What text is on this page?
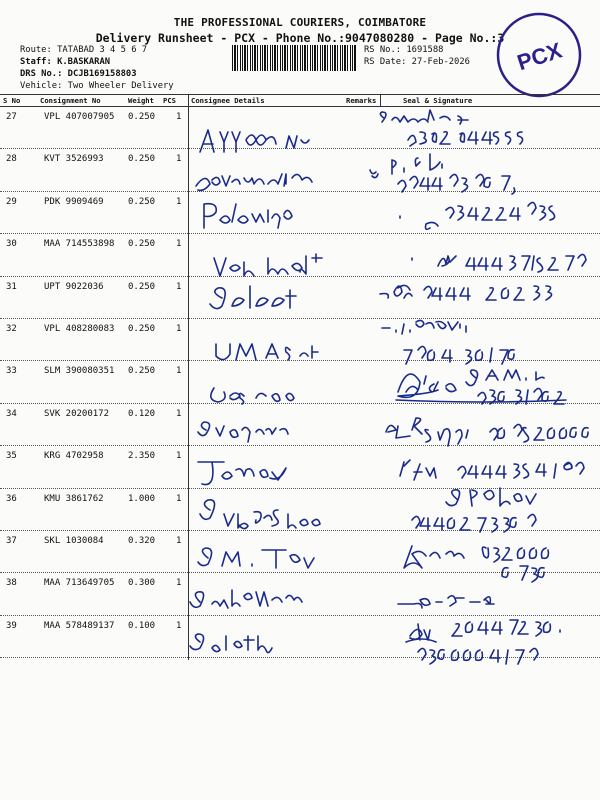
THE PROFESSIONAL COURIERS, COIMBATORE
Delivery Runsheet - PCX - Phone No.:9047080280 - Page No.:3
Route: TATABAD 3 4 5 6 7
Staff: K.BASKARAN
DRS No.: DCJB169158803
Vehicle: Two Wheeler Delivery
RS No.: 1691588
RS Date: 27-Feb-2026 PCX
S No	Consignment No	Weight PCS Consignee Details	Remarks	Seal & Signature
27	VPL 407007905 0.250 1
28	KVT 3526993	0.250 1
29	PDK 9909469	0.250 1
30	MAA 714553898 0.250 1
31	UPT 9022036	0.250 1
32	VPL 408280083 0.250 1
33	SLM 390080351 0.250 1
34	SVK 20200172 0.120 1
35	KRG 4702958	2.350 1
36	KMU 3861762	1.000 1
37	SKL 1030084	0.320 1
38	MAA 713649705 0.300 1
39	MAA 578489137 0.100 1
